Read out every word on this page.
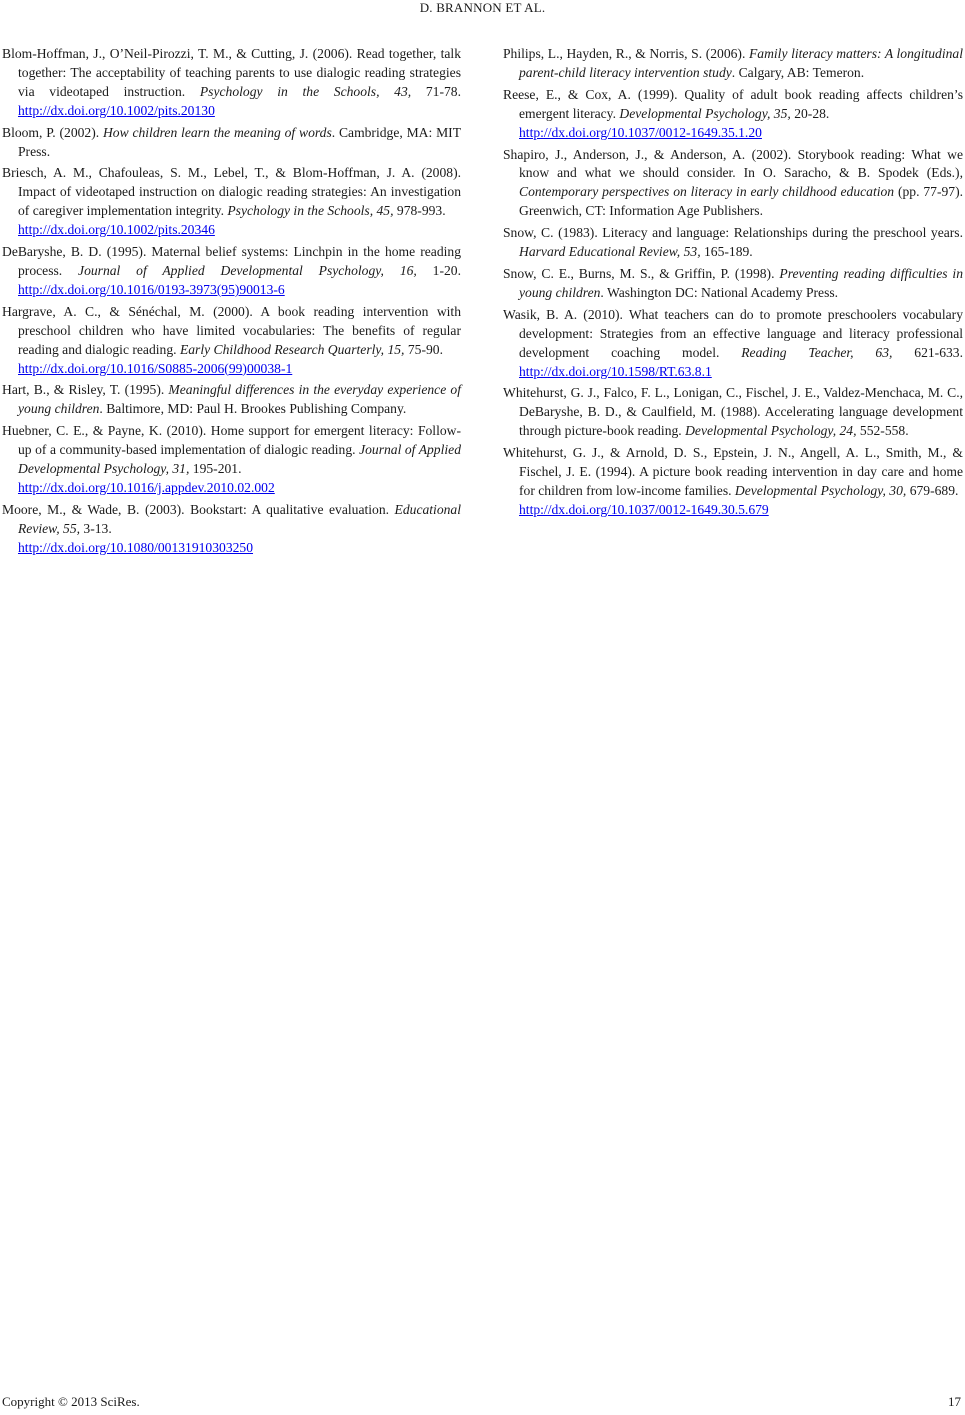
D. BRANNON ET AL.

Blom-Hoffman, J., O’Neil-Pirozzi, T. M., & Cutting, J. (2006). Read together, talk together: The acceptability of teaching parents to use dialogic reading strategies via videotaped instruction. Psychology in the Schools, 43, 71-78. http://dx.doi.org/10.1002/pits.20130

Bloom, P. (2002). How children learn the meaning of words. Cambridge, MA: MIT Press.

Briesch, A. M., Chafouleas, S. M., Lebel, T., & Blom-Hoffman, J. A. (2008). Impact of videotaped instruction on dialogic reading strategies: An investigation of caregiver implementation integrity. Psychology in the Schools, 45, 978-993.
http://dx.doi.org/10.1002/pits.20346

DeBaryshe, B. D. (1995). Maternal belief systems: Linchpin in the home reading process. Journal of Applied Developmental Psychology, 16, 1-20. http://dx.doi.org/10.1016/0193-3973(95)90013-6

Hargrave, A. C., & Sénéchal, M. (2000). A book reading intervention with preschool children who have limited vocabularies: The benefits of regular reading and dialogic reading. Early Childhood Research Quarterly, 15, 75-90.
http://dx.doi.org/10.1016/S0885-2006(99)00038-1

Hart, B., & Risley, T. (1995). Meaningful differences in the everyday experience of young children. Baltimore, MD: Paul H. Brookes Publishing Company.

Huebner, C. E., & Payne, K. (2010). Home support for emergent literacy: Follow-up of a community-based implementation of dialogic reading. Journal of Applied Developmental Psychology, 31, 195-201.
http://dx.doi.org/10.1016/j.appdev.2010.02.002

Moore, M., & Wade, B. (2003). Bookstart: A qualitative evaluation. Educational Review, 55, 3-13.
http://dx.doi.org/10.1080/00131910303250

Philips, L., Hayden, R., & Norris, S. (2006). Family literacy matters: A longitudinal parent-child literacy intervention study. Calgary, AB: Temeron.

Reese, E., & Cox, A. (1999). Quality of adult book reading affects children’s emergent literacy. Developmental Psychology, 35, 20-28.
http://dx.doi.org/10.1037/0012-1649.35.1.20

Shapiro, J., Anderson, J., & Anderson, A. (2002). Storybook reading: What we know and what we should consider. In O. Saracho, & B. Spodek (Eds.), Contemporary perspectives on literacy in early childhood education (pp. 77-97). Greenwich, CT: Information Age Publishers.

Snow, C. (1983). Literacy and language: Relationships during the preschool years. Harvard Educational Review, 53, 165-189.

Snow, C. E., Burns, M. S., & Griffin, P. (1998). Preventing reading difficulties in young children. Washington DC: National Academy Press.

Wasik, B. A. (2010). What teachers can do to promote preschoolers vocabulary development: Strategies from an effective language and literacy professional development coaching model. Reading Teacher, 63, 621-633. http://dx.doi.org/10.1598/RT.63.8.1

Whitehurst, G. J., Falco, F. L., Lonigan, C., Fischel, J. E., Valdez-Menchaca, M. C., DeBaryshe, B. D., & Caulfield, M. (1988). Accelerating language development through picture-book reading. Developmental Psychology, 24, 552-558.

Whitehurst, G. J., & Arnold, D. S., Epstein, J. N., Angell, A. L., Smith, M., & Fischel, J. E. (1994). A picture book reading intervention in day care and home for children from low-income families. Developmental Psychology, 30, 679-689.
http://dx.doi.org/10.1037/0012-1649.30.5.679

Copyright © 2013 SciRes.	17
